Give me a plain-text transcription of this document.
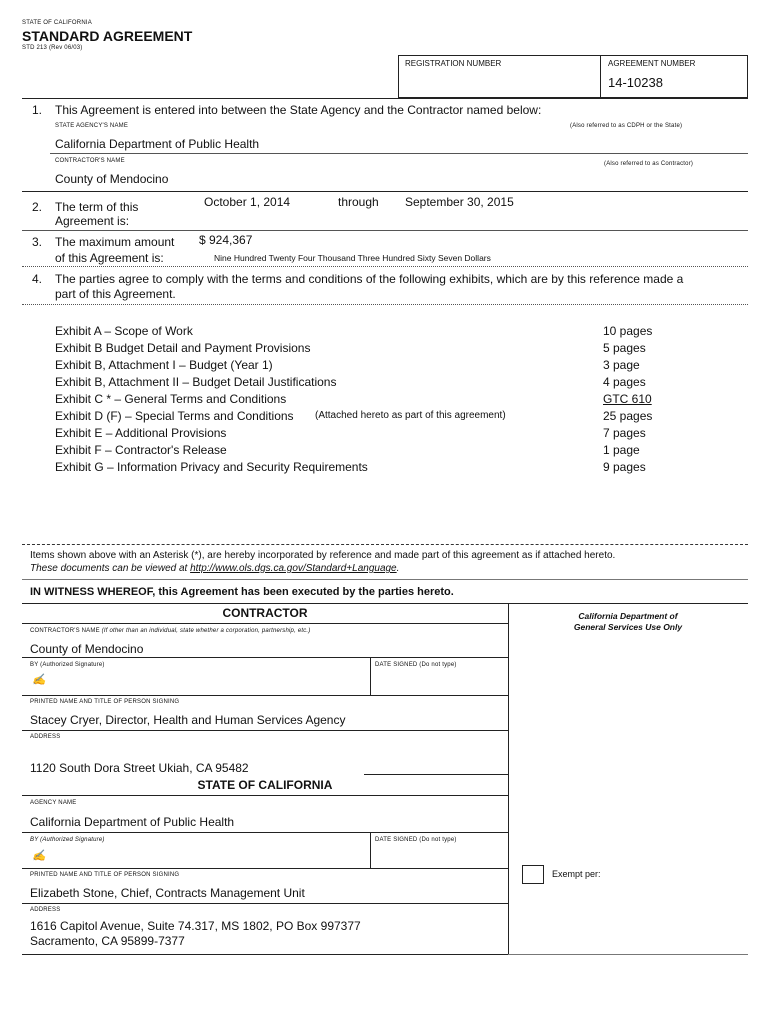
STATE OF CALIFORNIA
STANDARD AGREEMENT
STD 213 (Rev 06/03)
REGISTRATION NUMBER	AGREEMENT NUMBER
14-10238
1. This Agreement is entered into between the State Agency and the Contractor named below:
STATE AGENCY'S NAME	(Also referred to as CDPH or the State)
California Department of Public Health
CONTRACTOR'S NAME	(Also referred to as Contractor)
County of Mendocino
2. The term of this
Agreement is:
October 1, 2014	through September 30, 2015
3. The maximum amount $ 924,367
of this Agreement is:	Nine Hundred Twenty Four Thousand Three Hundred Sixty Seven Dollars
4. The parties agree to comply with the terms and conditions of the following exhibits, which are by this reference made a
part of this Agreement.
Exhibit A – Scope of Work	10 pages
Exhibit B Budget Detail and Payment Provisions	5 pages
Exhibit B, Attachment I – Budget (Year 1)	3 page
Exhibit B, Attachment II – Budget Detail Justifications	4 pages
Exhibit C * – General Terms and Conditions	GTC 610
Exhibit D (F) – Special Terms and Conditions (Attached hereto as part of this agreement)	25 pages
Exhibit E – Additional Provisions	7 pages
Exhibit F – Contractor's Release	1 page
Exhibit G – Information Privacy and Security Requirements	9 pages
Items shown above with an Asterisk (*), are hereby incorporated by reference and made part of this agreement as if attached hereto.
These documents can be viewed at http://www.ols.dgs.ca.gov/Standard+Language.
IN WITNESS WHEREOF, this Agreement has been executed by the parties hereto.
CONTRACTOR
CONTRACTOR'S NAME (If other than an individual, state whether a corporation, partnership, etc.)
County of Mendocino
BY (Authorized Signature)
✍
DATE SIGNED (Do not type)
PRINTED NAME AND TITLE OF PERSON SIGNING
Stacey Cryer, Director, Health and Human Services Agency
ADDRESS
1120 South Dora Street Ukiah, CA 95482
STATE OF CALIFORNIA
AGENCY NAME
California Department of Public Health
BY (Authorized Signature)
✍
DATE SIGNED (Do not type)
PRINTED NAME AND TITLE OF PERSON SIGNING
Elizabeth Stone, Chief, Contracts Management Unit
ADDRESS
1616 Capitol Avenue, Suite 74.317, MS 1802, PO Box 997377
Sacramento, CA 95899-7377
California Department of
General Services Use Only
Exempt per:
